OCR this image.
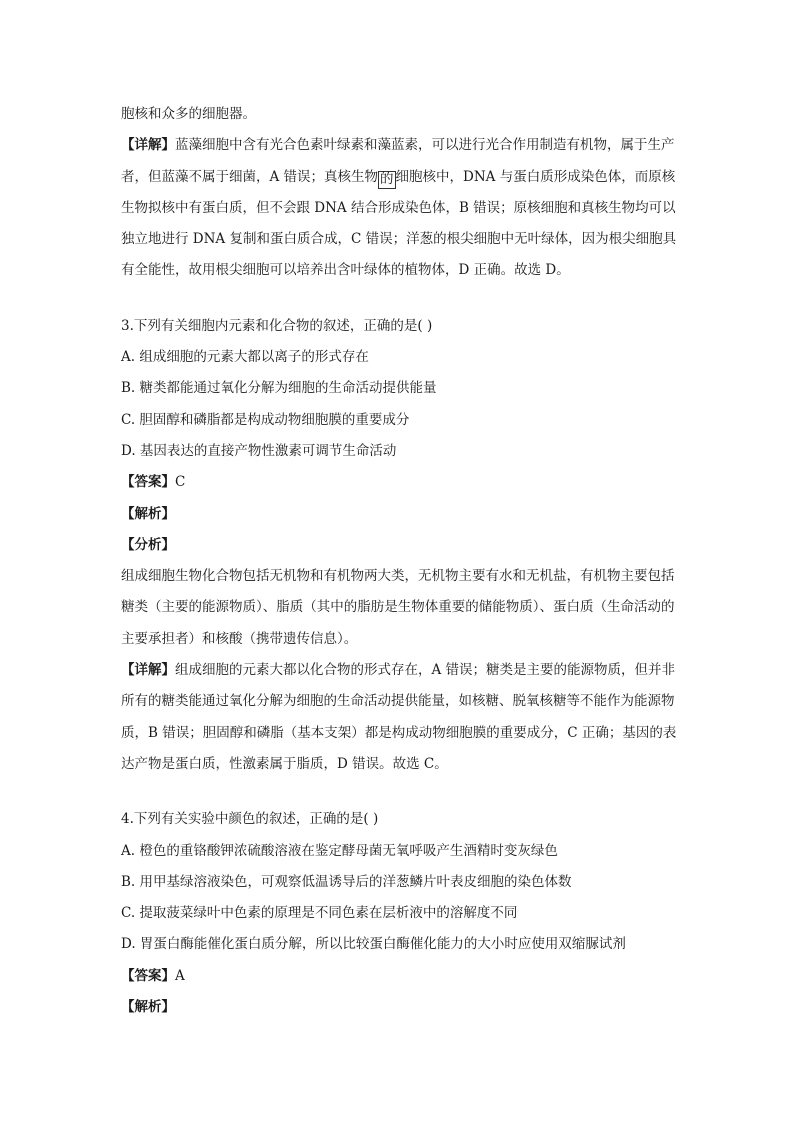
胞核和众多的细胞器。

【详解】蓝藻细胞中含有光合色素叶绿素和藻蓝素，可以进行光合作用制造有机物，属于生产者，但蓝藻不属于细菌，A 错误；真核生物 的 细胞核中，DNA 与蛋白质形成染色体，而原核生物拟核中有蛋白质，但不会跟 DNA 结合形成染色体，B 错误；原核细胞和真核生物均可以独立地进行 DNA 复制和蛋白质合成，C 错误；洋葱的根尖细胞中无叶绿体，因为根尖细胞具有全能性，故用根尖细胞可以培养出含叶绿体的植物体，D 正确。故选 D。

3.下列有关细胞内元素和化合物的叙述，正确的是( )

A. 组成细胞的元素大都以离子的形式存在

B. 糖类都能通过氧化分解为细胞的生命活动提供能量

C. 胆固醇和磷脂都是构成动物细胞膜的重要成分

D. 基因表达的直接产物性激素可调节生命活动

【答案】C

【解析】

【分析】

组成细胞生物化合物包括无机物和有机物两大类，无机物主要有水和无机盐，有机物主要包括糖类（主要的能源物质）、脂质（其中的脂肪是生物体重要的储能物质）、蛋白质（生命活动的主要承担者）和核酸（携带遗传信息）。

【详解】组成细胞的元素大都以化合物的形式存在，A 错误；糖类是主要的能源物质，但并非所有的糖类能通过氧化分解为细胞的生命活动提供能量，如核糖、脱氧核糖等不能作为能源物质，B 错误；胆固醇和磷脂（基本支架）都是构成动物细胞膜的重要成分，C 正确；基因的表达产物是蛋白质，性激素属于脂质，D 错误。故选 C。

4.下列有关实验中颜色的叙述，正确的是( )

A. 橙色的重铬酸钾浓硫酸溶液在鉴定酵母菌无氧呼吸产生酒精时变灰绿色

B. 用甲基绿溶液染色，可观察低温诱导后的洋葱鳞片叶表皮细胞的染色体数

C. 提取菠菜绿叶中色素的原理是不同色素在层析液中的溶解度不同

D. 胃蛋白酶能催化蛋白质分解，所以比较蛋白酶催化能力的大小时应使用双缩脲试剂

【答案】A

【解析】
